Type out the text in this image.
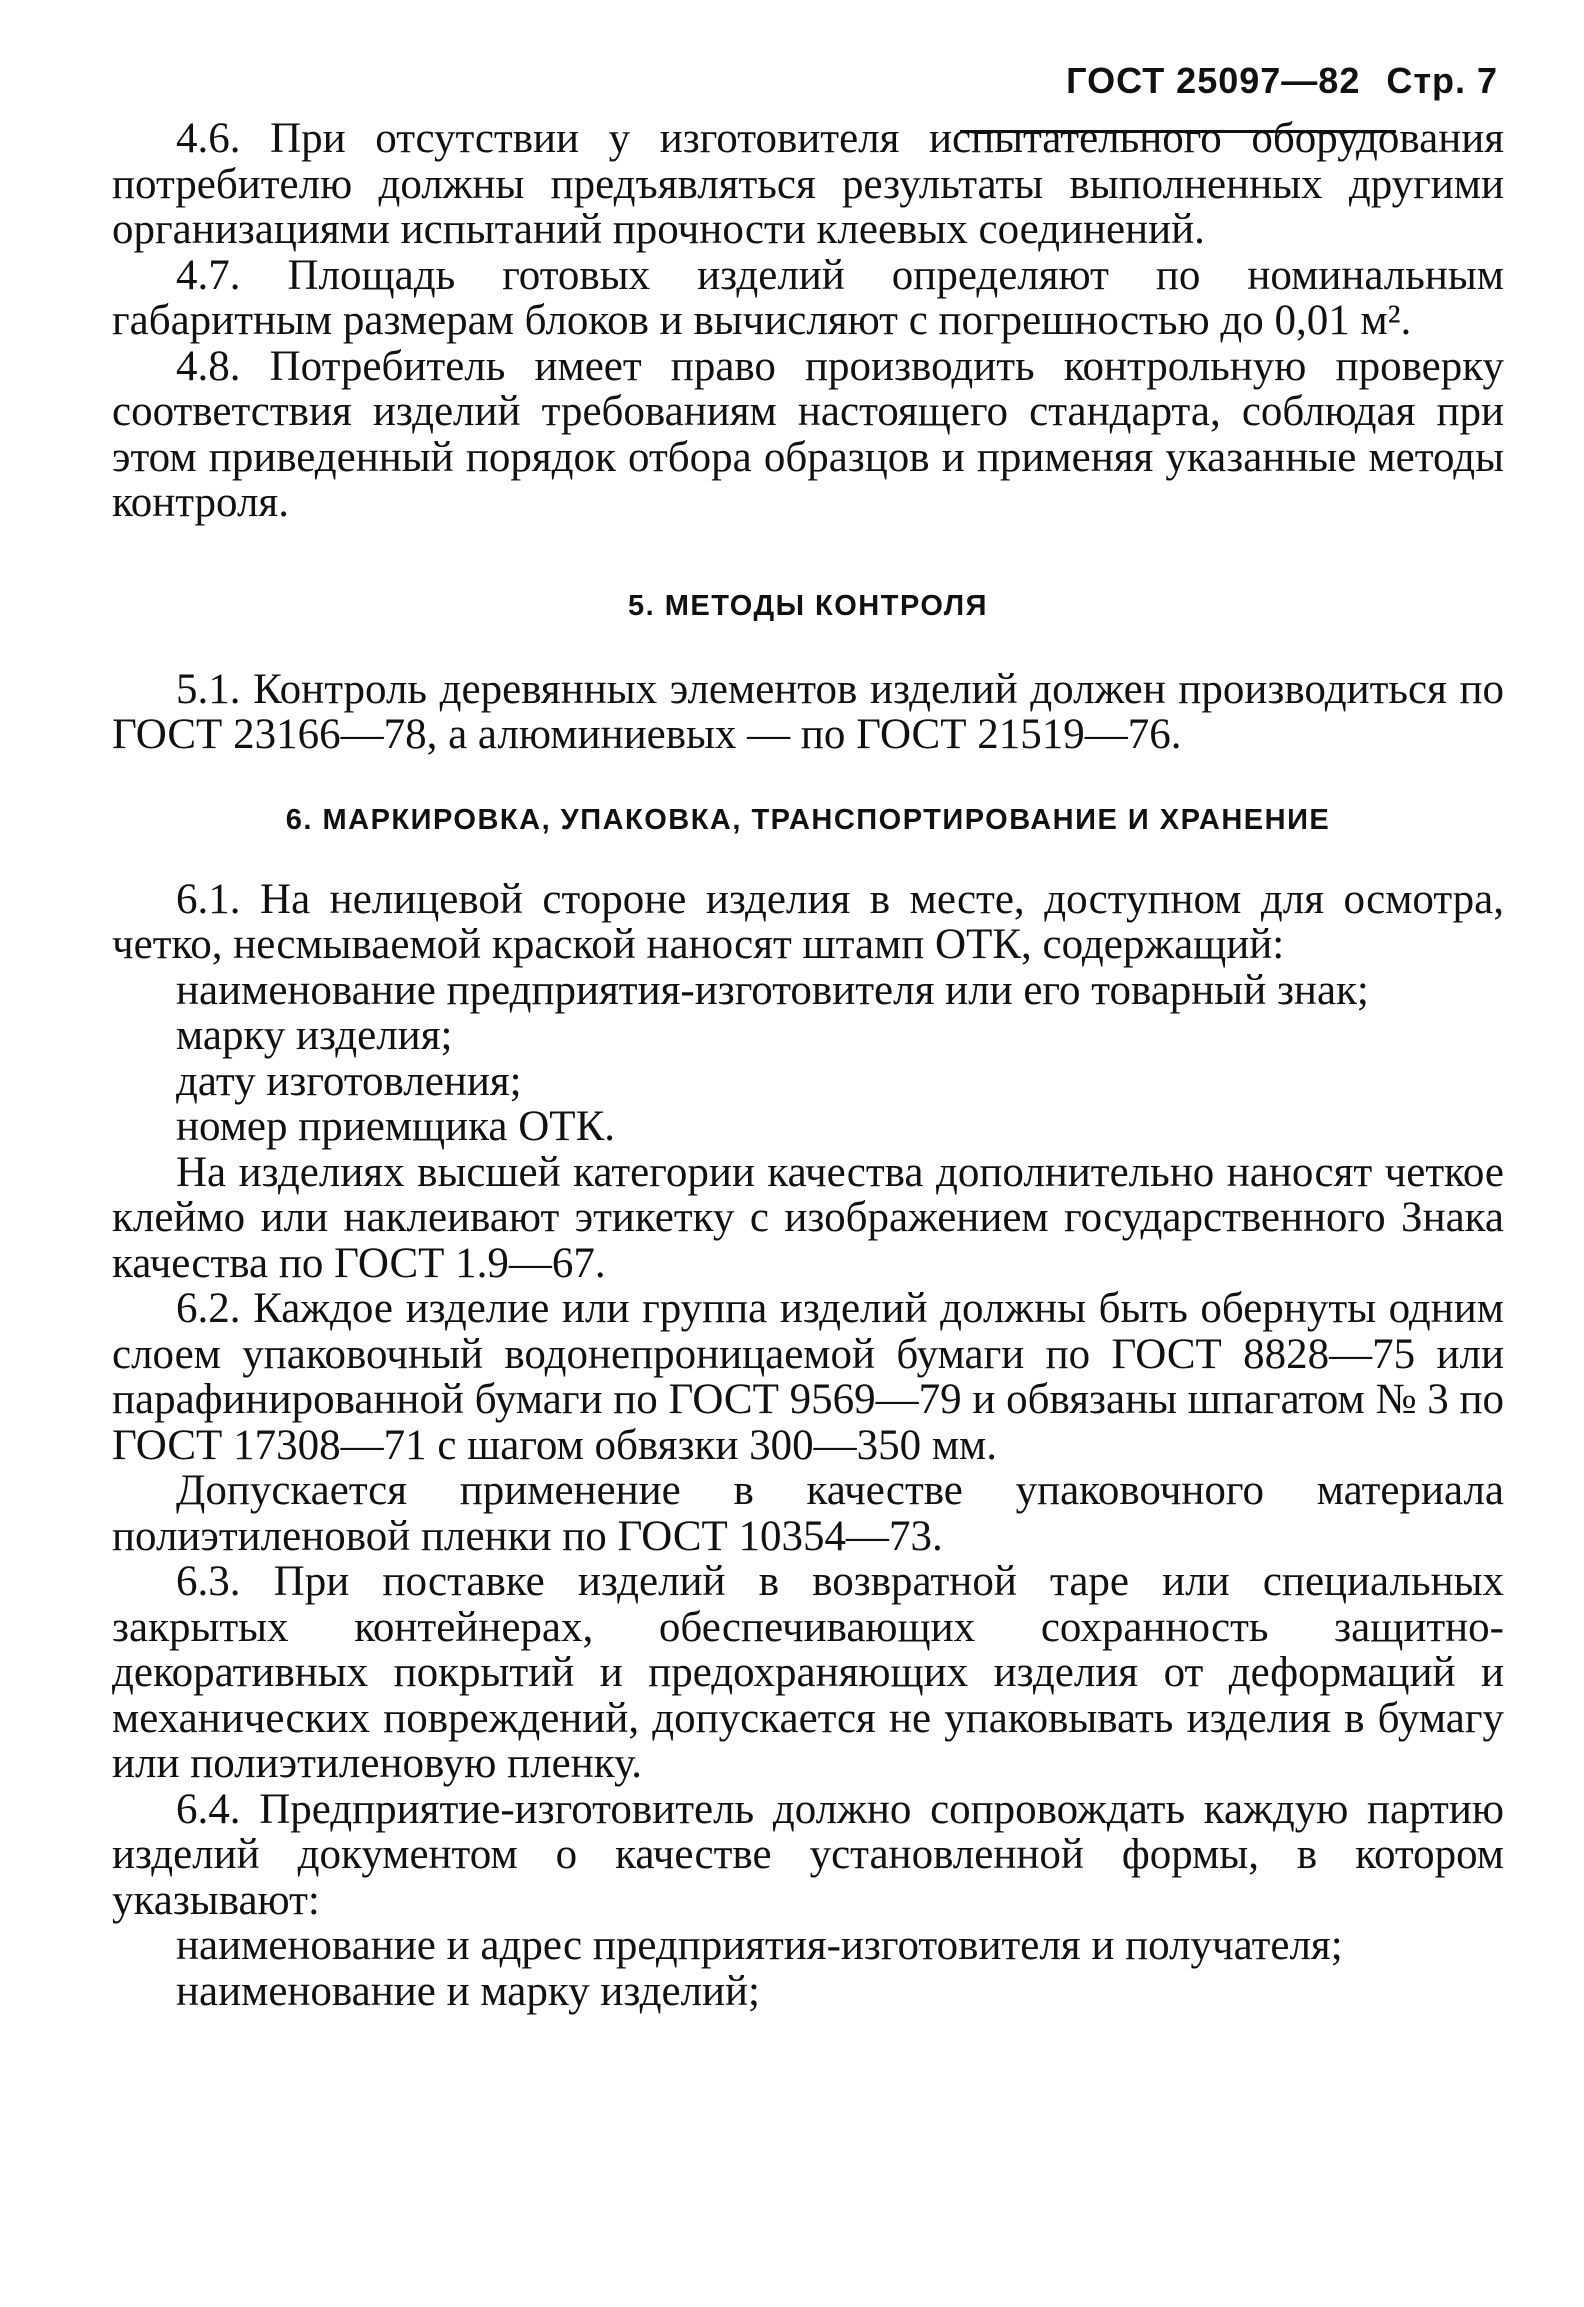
ГОСТ 25097—82 Стр. 7

4.6. При отсутствии у изготовителя испытательного оборудования потребителю должны предъявляться результаты выполненных другими организациями испытаний прочности клеевых соединений.

4.7. Площадь готовых изделий определяют по номинальным габаритным размерам блоков и вычисляют с погрешностью до 0,01 м².

4.8. Потребитель имеет право производить контрольную проверку соответствия изделий требованиям настоящего стандарта, соблюдая при этом приведенный порядок отбора образцов и применяя указанные методы контроля.

5. МЕТОДЫ КОНТРОЛЯ

5.1. Контроль деревянных элементов изделий должен производиться по ГОСТ 23166—78, а алюминиевых — по ГОСТ 21519—76.

6. МАРКИРОВКА, УПАКОВКА, ТРАНСПОРТИРОВАНИЕ И ХРАНЕНИЕ

6.1. На нелицевой стороне изделия в месте, доступном для осмотра, четко, несмываемой краской наносят штамп ОТК, содержащий:

наименование предприятия-изготовителя или его товарный знак;

марку изделия;

дату изготовления;

номер приемщика ОТК.

На изделиях высшей категории качества дополнительно наносят четкое клеймо или наклеивают этикетку с изображением государственного Знака качества по ГОСТ 1.9—67.

6.2. Каждое изделие или группа изделий должны быть обернуты одним слоем упаковочный водонепроницаемой бумаги по ГОСТ 8828—75 или парафинированной бумаги по ГОСТ 9569—79 и обвязаны шпагатом № 3 по ГОСТ 17308—71 с шагом обвязки 300—350 мм.

Допускается применение в качестве упаковочного материала полиэтиленовой пленки по ГОСТ 10354—73.

6.3. При поставке изделий в возвратной таре или специальных закрытых контейнерах, обеспечивающих сохранность защитно-декоративных покрытий и предохраняющих изделия от деформаций и механических повреждений, допускается не упаковывать изделия в бумагу или полиэтиленовую пленку.

6.4. Предприятие-изготовитель должно сопровождать каждую партию изделий документом о качестве установленной формы, в котором указывают:

наименование и адрес предприятия-изготовителя и получателя;

наименование и марку изделий;
